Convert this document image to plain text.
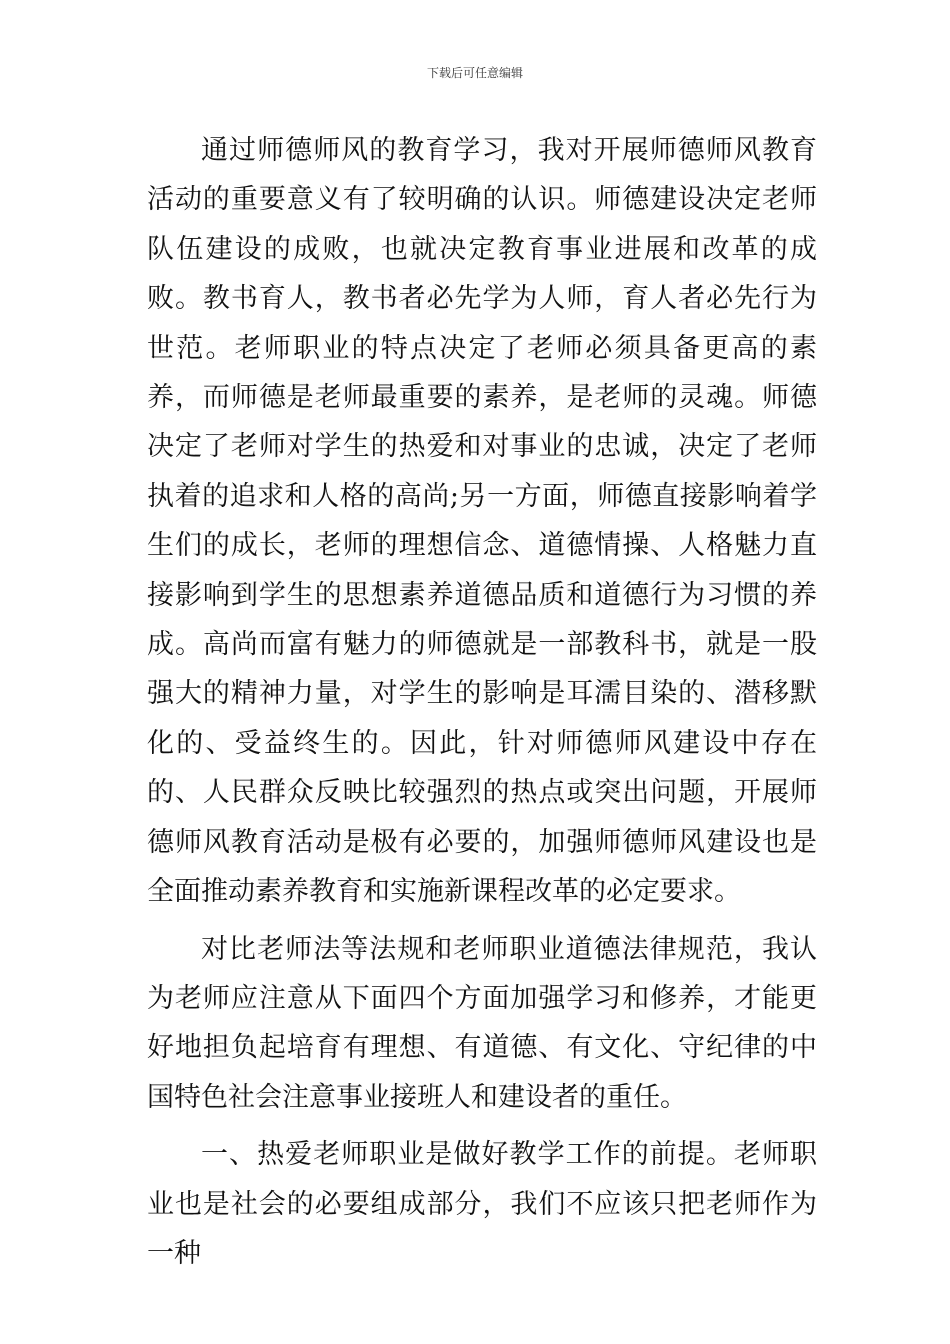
下载后可任意编辑

通过师德师风的教育学习，我对开展师德师风教育活动的重要意义有了较明确的认识。师德建设决定老师队伍建设的成败，也就决定教育事业进展和改革的成败。教书育人，教书者必先学为人师，育人者必先行为世范。老师职业的特点决定了老师必须具备更高的素养，而师德是老师最重要的素养，是老师的灵魂。师德决定了老师对学生的热爱和对事业的忠诚，决定了老师执着的追求和人格的高尚;另一方面，师德直接影响着学生们的成长，老师的理想信念、道德情操、人格魅力直接影响到学生的思想素养道德品质和道德行为习惯的养成。高尚而富有魅力的师德就是一部教科书，就是一股强大的精神力量，对学生的影响是耳濡目染的、潜移默化的、受益终生的。因此，针对师德师风建设中存在的、人民群众反映比较强烈的热点或突出问题，开展师德师风教育活动是极有必要的，加强师德师风建设也是全面推动素养教育和实施新课程改革的必定要求。

对比老师法等法规和老师职业道德法律规范，我认为老师应注意从下面四个方面加强学习和修养，才能更好地担负起培育有理想、有道德、有文化、守纪律的中国特色社会注意事业接班人和建设者的重任。

一、热爱老师职业是做好教学工作的前提。老师职业也是社会的必要组成部分，我们不应该只把老师作为一种
